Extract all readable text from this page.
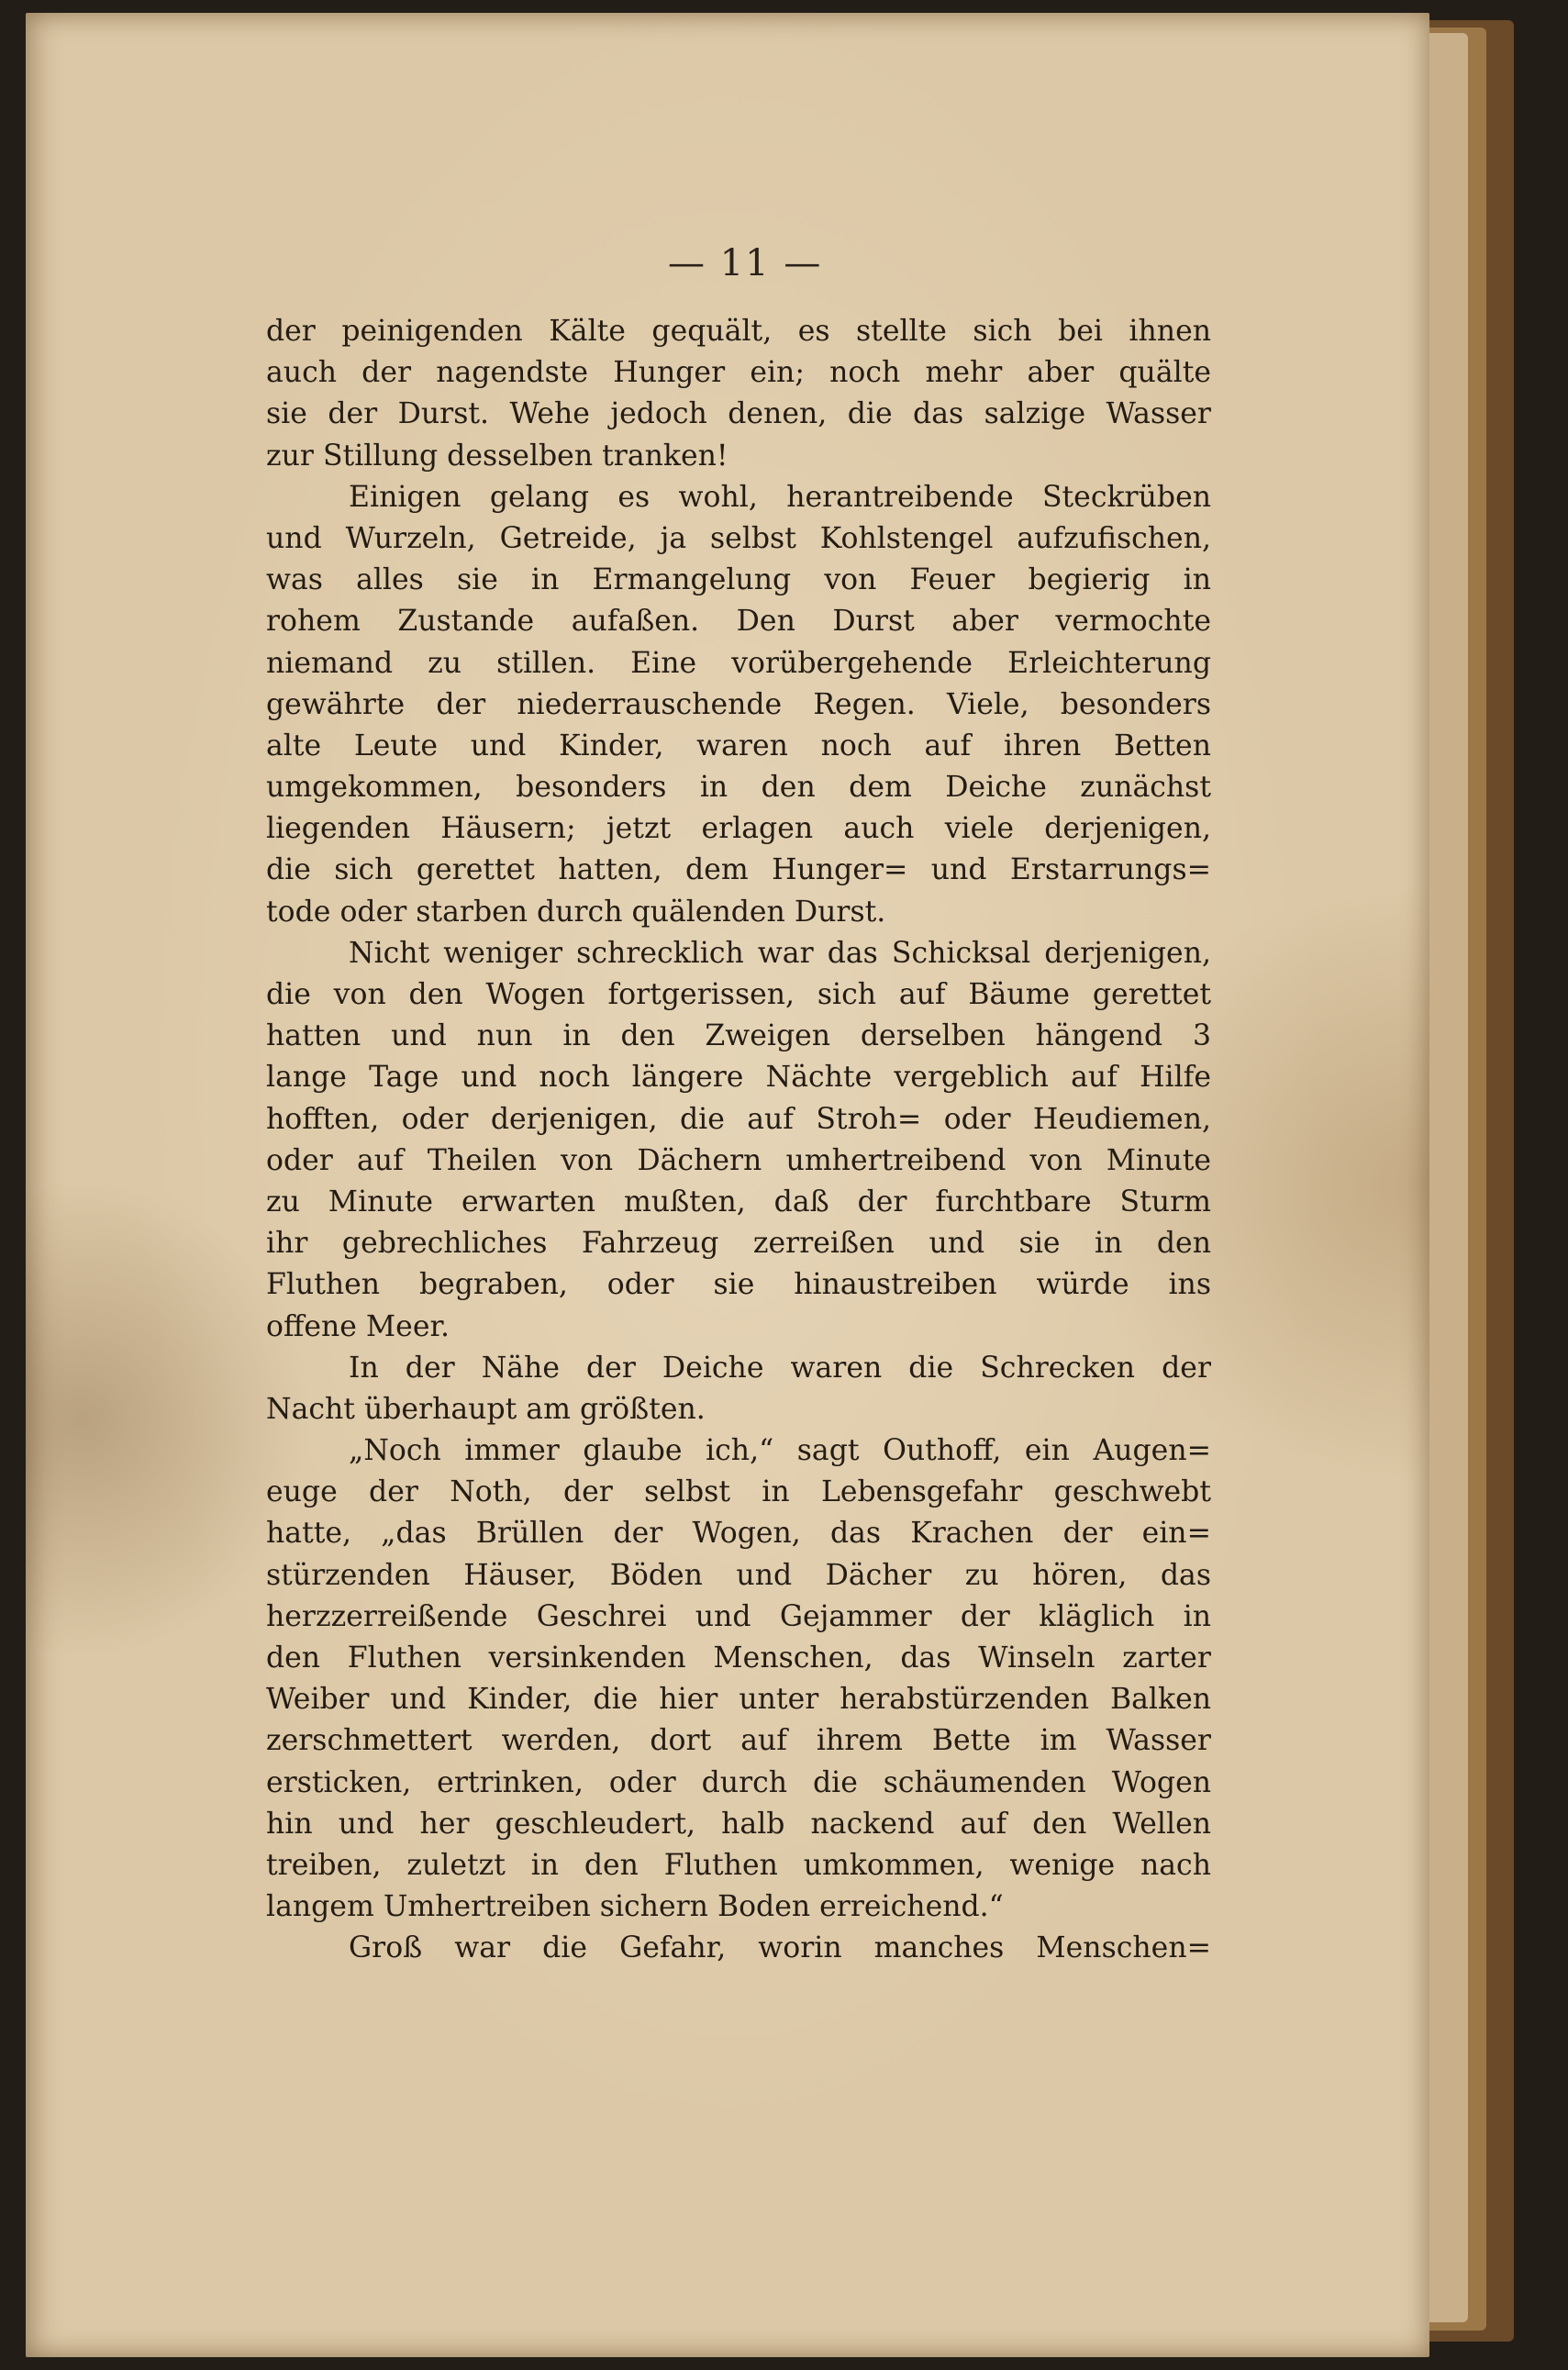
— 11 —
der peinigenden Kälte gequält, es stellte sich bei ihnen
auch der nagendste Hunger ein; noch mehr aber quälte
sie der Durst. Wehe jedoch denen, die das salzige Wasser
zur Stillung desselben tranken!
Einigen gelang es wohl, herantreibende Steckrüben
und Wurzeln, Getreide, ja selbst Kohlstengel aufzufischen,
was alles sie in Ermangelung von Feuer begierig in
rohem Zustande aufaßen. Den Durst aber vermochte
niemand zu stillen. Eine vorübergehende Erleichterung
gewährte der niederrauschende Regen. Viele, besonders
alte Leute und Kinder, waren noch auf ihren Betten
umgekommen, besonders in den dem Deiche zunächst
liegenden Häusern; jetzt erlagen auch viele derjenigen,
die sich gerettet hatten, dem Hunger= und Erstarrungs=
tode oder starben durch quälenden Durst.
Nicht weniger schrecklich war das Schicksal derjenigen,
die von den Wogen fortgerissen, sich auf Bäume gerettet
hatten und nun in den Zweigen derselben hängend 3
lange Tage und noch längere Nächte vergeblich auf Hilfe
hofften, oder derjenigen, die auf Stroh= oder Heudiemen,
oder auf Theilen von Dächern umhertreibend von Minute
zu Minute erwarten mußten, daß der furchtbare Sturm
ihr gebrechliches Fahrzeug zerreißen und sie in den
Fluthen begraben, oder sie hinaustreiben würde ins
offene Meer.
In der Nähe der Deiche waren die Schrecken der
Nacht überhaupt am größten.
„Noch immer glaube ich,“ sagt Outhoff, ein Augen=
euge der Noth, der selbst in Lebensgefahr geschwebt
hatte, „das Brüllen der Wogen, das Krachen der ein=
stürzenden Häuser, Böden und Dächer zu hören, das
herzzerreißende Geschrei und Gejammer der kläglich in
den Fluthen versinkenden Menschen, das Winseln zarter
Weiber und Kinder, die hier unter herabstürzenden Balken
zerschmettert werden, dort auf ihrem Bette im Wasser
ersticken, ertrinken, oder durch die schäumenden Wogen
hin und her geschleudert, halb nackend auf den Wellen
treiben, zuletzt in den Fluthen umkommen, wenige nach
langem Umhertreiben sichern Boden erreichend.“
Groß war die Gefahr, worin manches Menschen=
